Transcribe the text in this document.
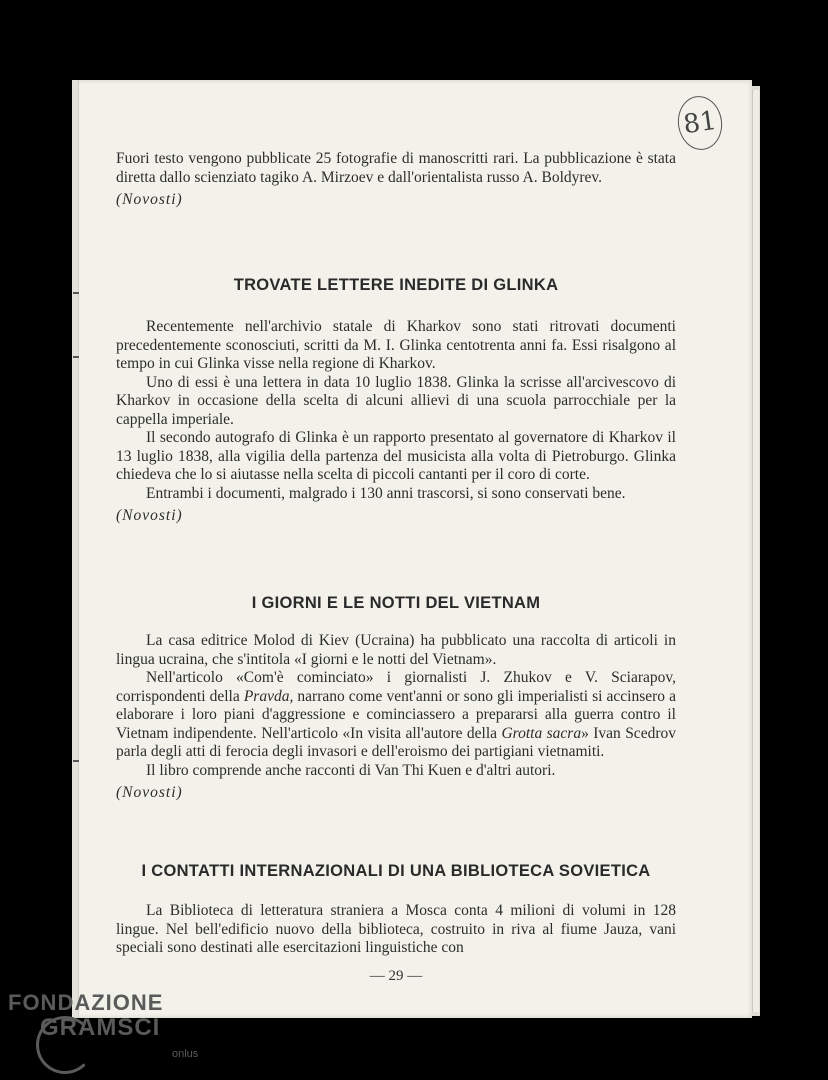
81
Fuori testo vengono pubblicate 25 fotografie di manoscritti rari. La pubblicazione è stata diretta dallo scienziato tagiko A. Mirzoev e dall'orientalista russo A. Boldyrev.
(Novosti)
TROVATE LETTERE INEDITE DI GLINKA
Recentemente nell'archivio statale di Kharkov sono stati ritrovati documenti precedentemente sconosciuti, scritti da M. I. Glinka centotrenta anni fa. Essi risalgono al tempo in cui Glinka visse nella regione di Kharkov.
Uno di essi è una lettera in data 10 luglio 1838. Glinka la scrisse all'arcivescovo di Kharkov in occasione della scelta di alcuni allievi di una scuola parrocchiale per la cappella imperiale.
Il secondo autografo di Glinka è un rapporto presentato al governatore di Kharkov il 13 luglio 1838, alla vigilia della partenza del musicista alla volta di Pietroburgo. Glinka chiedeva che lo si aiutasse nella scelta di piccoli cantanti per il coro di corte.
Entrambi i documenti, malgrado i 130 anni trascorsi, si sono conservati bene.
(Novosti)
I GIORNI E LE NOTTI DEL VIETNAM
La casa editrice Molod di Kiev (Ucraina) ha pubblicato una raccolta di articoli in lingua ucraina, che s'intitola «I giorni e le notti del Vietnam».
Nell'articolo «Com'è cominciato» i giornalisti J. Zhukov e V. Sciarapov, corrispondenti della Pravda, narrano come vent'anni or sono gli imperialisti si accinsero a elaborare i loro piani d'aggressione e cominciassero a prepararsi alla guerra contro il Vietnam indipendente. Nell'articolo «In visita all'autore della Grotta sacra» Ivan Scedrov parla degli atti di ferocia degli invasori e dell'eroismo dei partigiani vietnamiti.
Il libro comprende anche racconti di Van Thi Kuen e d'altri autori.
(Novosti)
I CONTATTI INTERNAZIONALI DI UNA BIBLIOTECA SOVIETICA
La Biblioteca di letteratura straniera a Mosca conta 4 milioni di volumi in 128 lingue. Nel bell'edificio nuovo della biblioteca, costruito in riva al fiume Jauza, vani speciali sono destinati alle esercitazioni linguistiche con
— 29 —
FONDAZIONE
GRAMSCI
onlus
